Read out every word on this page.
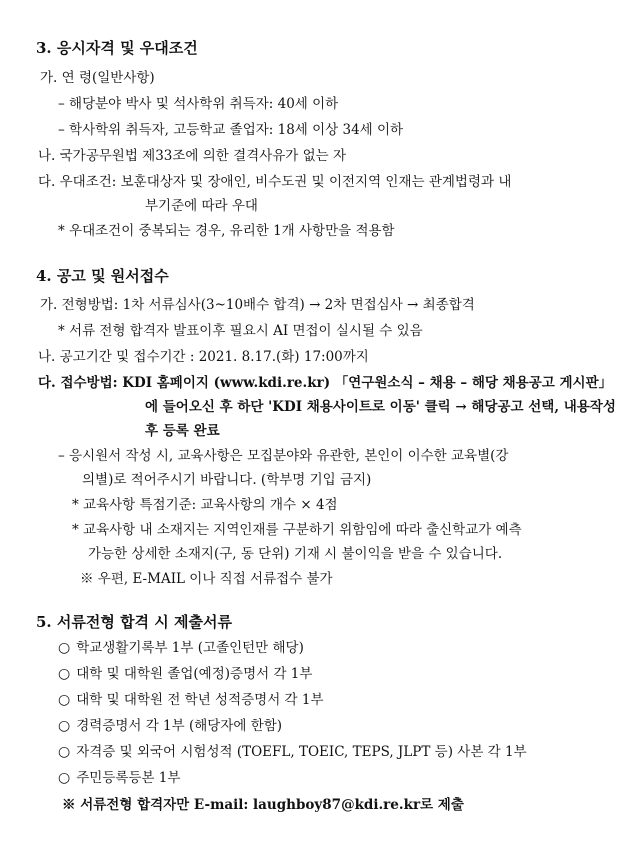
3. 응시자격 및 우대조건
가. 연 령(일반사항)
– 해당분야 박사 및 석사학위 취득자: 40세 이하
– 학사학위 취득자, 고등학교 졸업자: 18세 이상 34세 이하
나. 국가공무원법 제33조에 의한 결격사유가 없는 자
다. 우대조건: 보훈대상자 및 장애인, 비수도권 및 이전지역 인재는 관계법령과 내
부기준에 따라 우대
* 우대조건이 중복되는 경우, 유리한 1개 사항만을 적용함
4. 공고 및 원서접수
가. 전형방법: 1차 서류심사(3~10배수 합격) → 2차 면접심사 → 최종합격
* 서류 전형 합격자 발표이후 필요시 AI 면접이 실시될 수 있음
나. 공고기간 및 접수기간 : 2021. 8.17.(화) 17:00까지
다. 접수방법: KDI 홈페이지 (www.kdi.re.kr) 「연구원소식 – 채용 – 해당 채용공고 게시판」
에 들어오신 후 하단 'KDI 채용사이트로 이동' 클릭 → 해당공고 선택, 내용작성
후 등록 완료
– 응시원서 작성 시, 교육사항은 모집분야와 유관한, 본인이 이수한 교육별(강
의별)로 적어주시기 바랍니다. (학부명 기입 금지)
* 교육사항 특점기준: 교육사항의 개수 × 4점
* 교육사항 내 소재지는 지역인재를 구분하기 위함임에 따라 출신학교가 예측
가능한 상세한 소재지(구, 동 단위) 기재 시 불이익을 받을 수 있습니다.
※ 우편, E-MAIL 이나 직접 서류접수 불가
5. 서류전형 합격 시 제출서류
○ 학교생활기록부 1부 (고졸인턴만 해당)
○ 대학 및 대학원 졸업(예정)증명서 각 1부
○ 대학 및 대학원 전 학년 성적증명서 각 1부
○ 경력증명서 각 1부 (해당자에 한함)
○ 자격증 및 외국어 시험성적 (TOEFL, TOEIC, TEPS, JLPT 등) 사본 각 1부
○ 주민등록등본 1부
※ 서류전형 합격자만 E-mail: laughboy87@kdi.re.kr로 제출
